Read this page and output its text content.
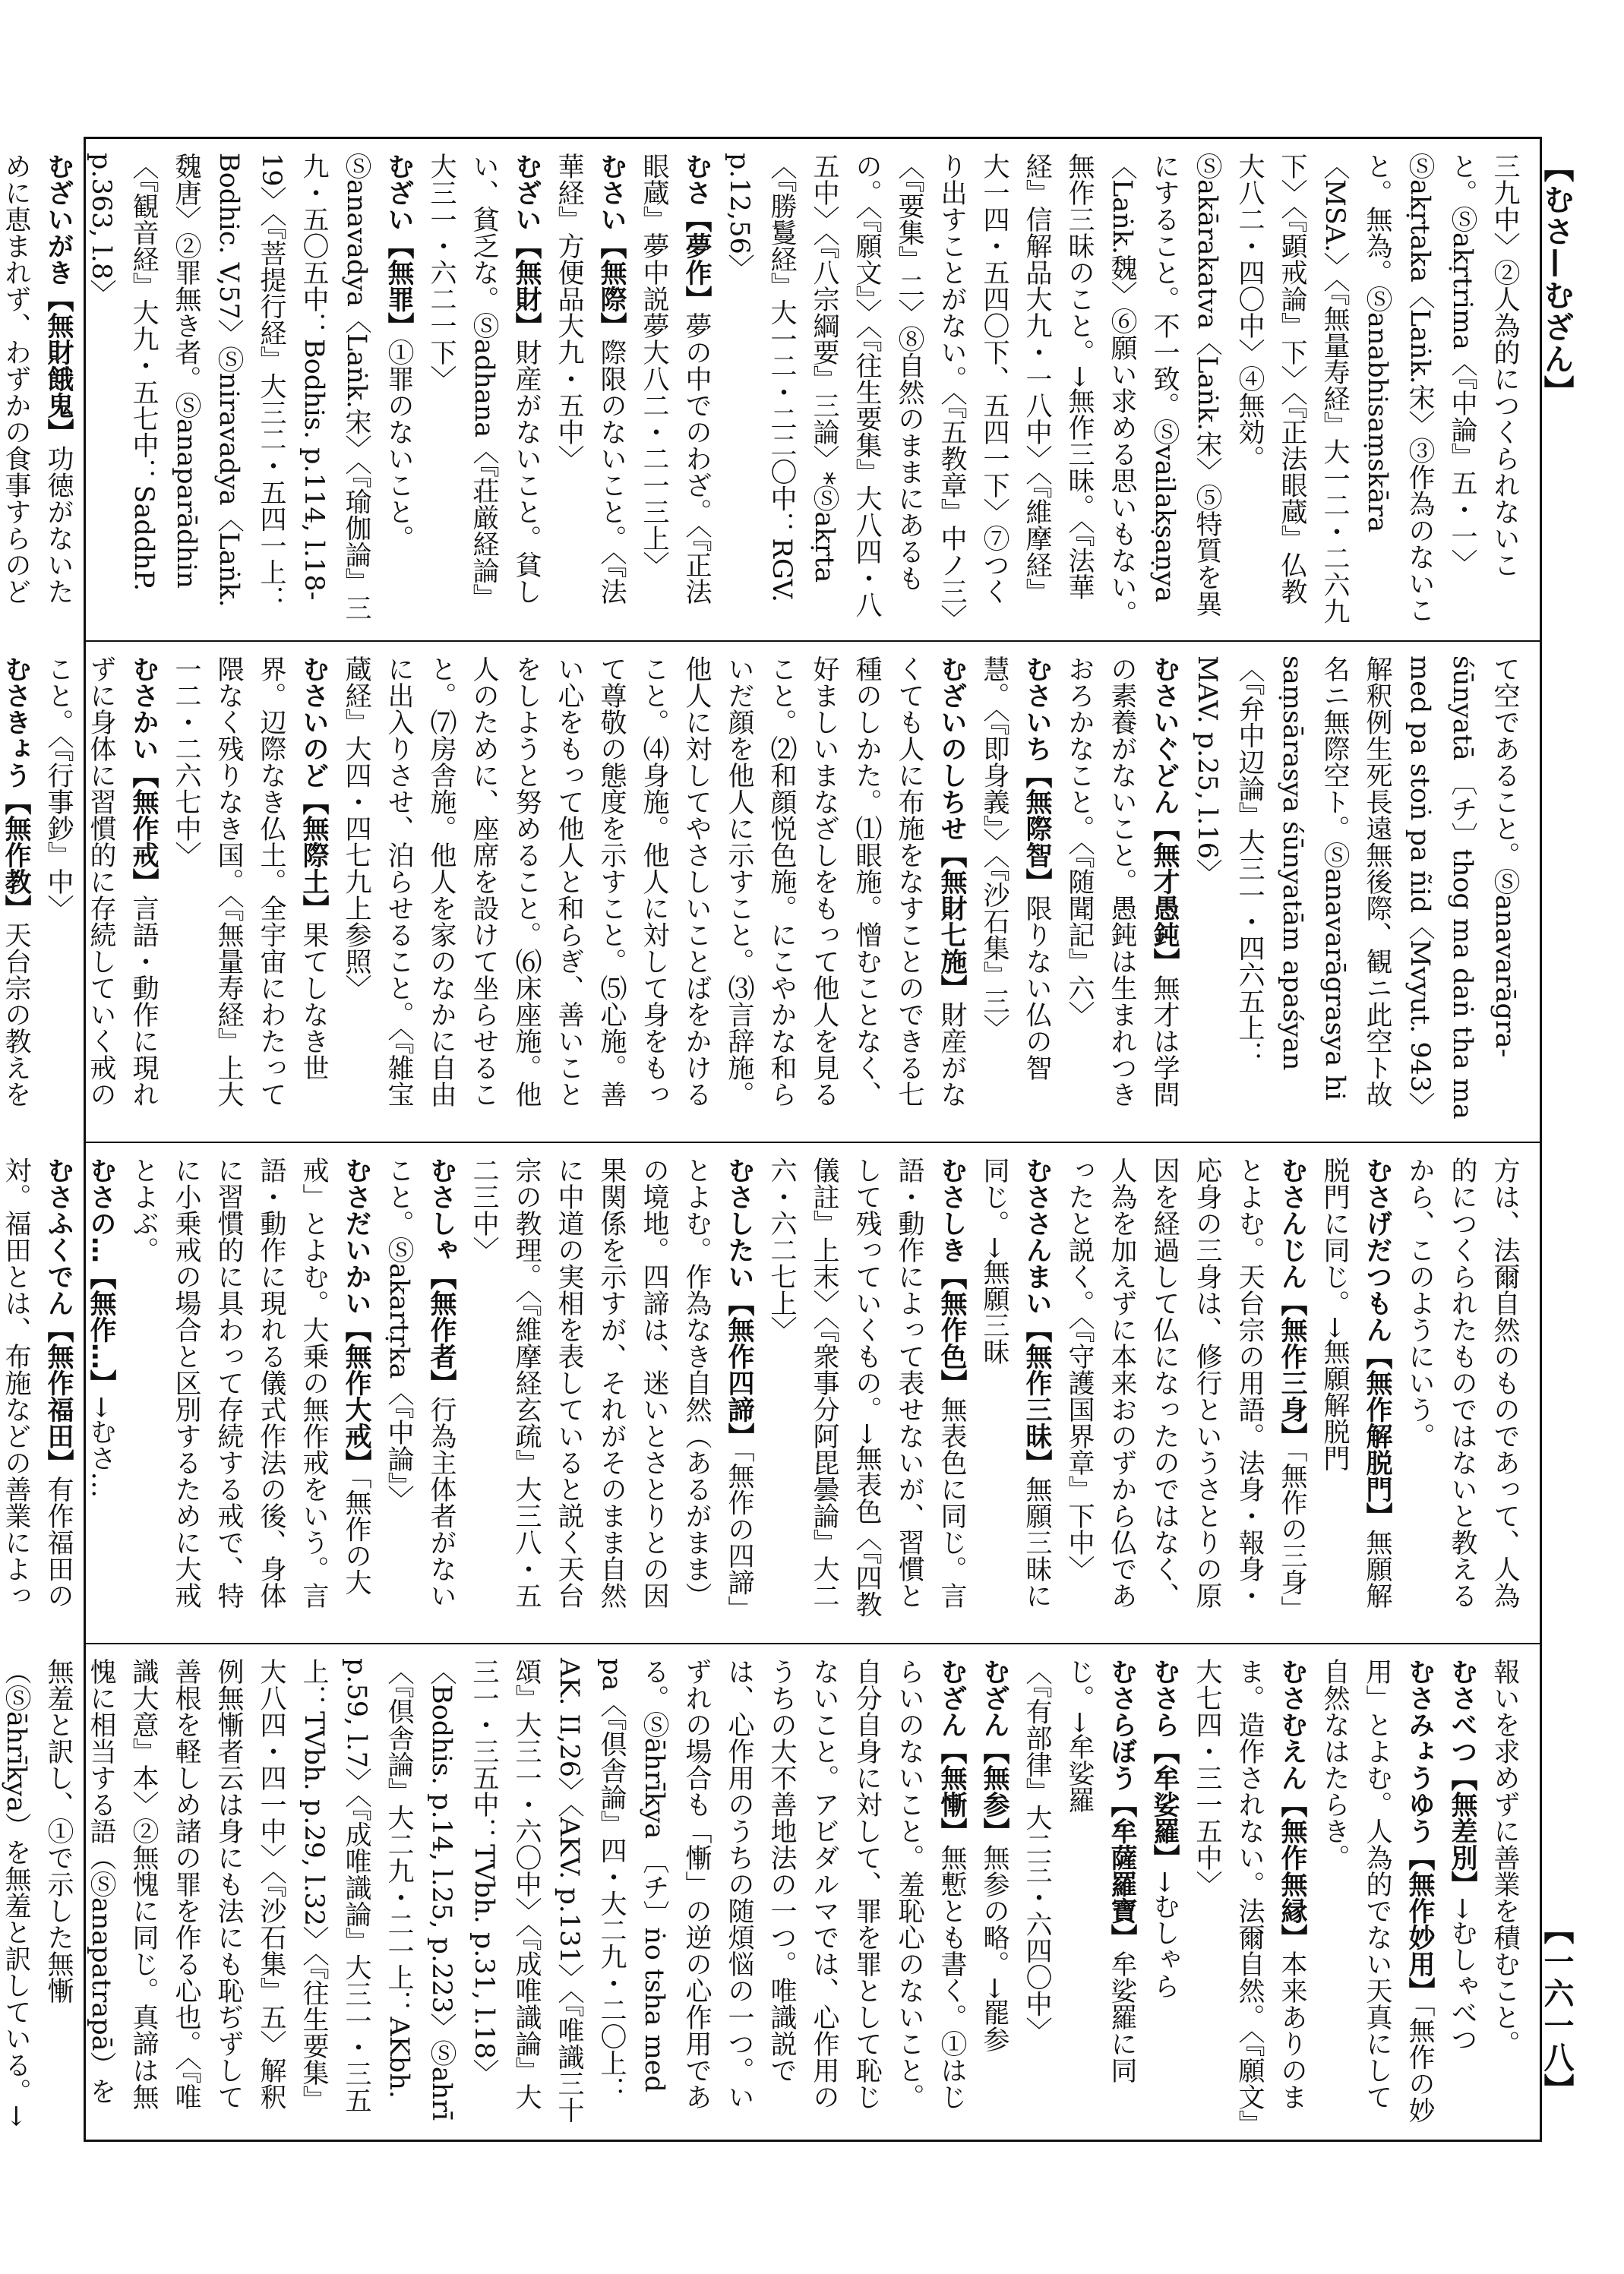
【むさ—むざん】
【一六一八】

三九中〉②人為的につくられないこと。Ⓢakṛtrima〈『中論』五・一〉Ⓢakṛtaka〈Laṅk.宋〉③作為のないこと。無為。Ⓢanabhisaṃskāra〈MSA.〉〈『無量寿経』大一二・二六九下〉〈『顕戒論』下〉〈『正法眼蔵』仏教大八二・四〇中〉④無効。Ⓢakārakatva〈Laṅk.宋〉⑤特質を異にすること。不一致。Ⓢvailakṣaṇya〈Laṅk.魏〉⑥願い求める思いもない。無作三昧のこと。→無作三昧。〈『法華経』信解品大九・一八中〉〈『維摩経』大一四・五四〇下、五四一下〉⑦つくり出すことがない。〈『五教章』中ノ三〉〈『要集』二〉⑧自然のままにあるもの。〈『願文』〉〈『往生要集』大八四・八五中〉〈『八宗綱要』三論〉*Ⓢakṛta〈『勝鬘経』大一二・二二〇中：RGV. p.12,56〉

むさ【夢作】夢の中でのわざ。〈『正法眼蔵』夢中説夢大八二・二一三上〉

むさい【無際】際限のないこと。〈『法華経』方便品大九・五中〉

むざい【無財】財産がないこと。貧しい、貧乏な。Ⓢadhana〈『荘厳経論』大三一・六二一下〉

むざい【無罪】①罪のないこと。Ⓢanavadya〈Laṅk.宋〉〈『瑜伽論』三九・五〇五中：Bodhis. p.114, l.18-19〉〈『菩提行経』大三二・五四一上：Bodhic. V,57〉Ⓢniravadya〈Laṅk.魏唐〉②罪無き者。Ⓢanaparādhin〈『観音経』大九・五七中：SaddhP. p.363, l.8〉

むざいがき【無財餓鬼】功徳がないために恵まれず、わずかの食事すらのど

て空であること。Ⓢanavarāgra-śūnyatā 〔チ〕thog ma daṅ tha ma med pa stoṅ pa ñid〈Mvyut. 943〉解釈例生死長遠無後際、観ニ此空ト故名ニ無際空ト。Ⓢanavarāgrasya hi saṃsārasya śūnyatām apaśyan〈『弁中辺論』大三一・四六五上：MAV. p.25, l.16〉

むさいぐどん【無才愚鈍】無才は学問の素養がないこと。愚鈍は生まれつきおろかなこと。〈『随聞記』六〉

むさいち【無際智】限りない仏の智慧。〈『即身義』〉〈『沙石集』三〉

むざいのしちせ【無財七施】財産がなくても人に布施をなすことのできる七種のしかた。⑴眼施。憎むことなく、好ましいまなざしをもって他人を見ること。⑵和顔悦色施。にこやかな和らいだ顔を他人に示すこと。⑶言辞施。他人に対してやさしいことばをかけること。⑷身施。他人に対して身をもって尊敬の態度を示すこと。⑸心施。善い心をもって他人と和らぎ、善いことをしようと努めること。⑹床座施。他人のために、座席を設けて坐らせること。⑺房舎施。他人を家のなかに自由に出入りさせ、泊らせること。〈『雑宝蔵経』大四・四七九上参照〉

むさいのど【無際土】果てしなき世界。辺際なき仏土。全宇宙にわたって隈なく残りなき国。〈『無量寿経』上大一二・二六七中〉

むさかい【無作戒】言語・動作に現れずに身体に習慣的に存続していく戒のこと。〈『行事鈔』中〉

むさきょう【無作教】天台宗の教えを

方は、法爾自然のものであって、人為的につくられたものではないと教えるから、このようにいう。

むさげだつもん【無作解脱門】無願解脱門に同じ。→無願解脱門

むさんじん【無作三身】「無作の三身」とよむ。天台宗の用語。法身・報身・応身の三身は、修行というさとりの原因を経過して仏になったのではなく、人為を加えずに本来おのずから仏であったと説く。〈『守護国界章』下中〉

むささんまい【無作三昧】無願三昧に同じ。→無願三昧

むさしき【無作色】無表色に同じ。言語・動作によって表せないが、習慣として残っていくもの。→無表色〈『四教儀註』上末〉〈『衆事分阿毘曇論』大二六・六二七上〉

むさしたい【無作四諦】「無作の四諦」とよむ。作為なき自然（あるがまま）の境地。四諦は、迷いとさとりとの因果関係を示すが、それがそのまま自然に中道の実相を表していると説く天台宗の教理。〈『維摩経玄疏』大三八・五二三中〉

むさしゃ【無作者】行為主体者がないこと。Ⓢakartṛka〈『中論』〉

むさだいかい【無作大戒】「無作の大戒」とよむ。大乗の無作戒をいう。言語・動作に現れる儀式作法の後、身体に習慣的に具わって存続する戒で、特に小乗戒の場合と区別するために大戒とよぶ。

むさの…【無作…】→むさ…

むさふくでん【無作福田】有作福田の対。福田とは、布施などの善業によっ

報いを求めずに善業を積むこと。

むさべつ【無差別】→むしゃべつ

むさみょうゆう【無作妙用】「無作の妙用」とよむ。人為的でない天真にして自然なはたらき。

むさむえん【無作無縁】本来ありのまま。造作されない。法爾自然。〈『願文』大七四・三一五中〉

むさら【牟娑羅】→むしゃら

むさらぼう【牟薩羅寶】牟娑羅に同じ。→牟娑羅

〈『有部律』大二三・六四〇中〉

むざん【無参】無参の略。→罷参

むざん【無慚】無慙とも書く。①はじらいのないこと。羞恥心のないこと。自分自身に対して、罪を罪として恥じないこと。アビダルマでは、心作用のうちの大不善地法の一つ。唯識説では、心作用のうちの随煩悩の一つ。いずれの場合も「慚」の逆の心作用である。Ⓢāhrīkya 〔チ〕ṅo tsha med pa〈『倶舎論』四・大二九・二〇上：AK. II,26〉〈AKV. p.131〉〈『唯識三十頌』大三一・六〇中〉〈『成唯識論』大三一・三五中：TVbh. p.31, l.18〉〈Bodhis. p.14, l.25, p.223〉Ⓢahrī〈『倶舎論』大二九・二一上：AKbh. p.59, l.7〉〈『成唯識論』大三一・三五上：TVbh. p.29, l.32〉〈『往生要集』大八四・四一中〉〈『沙石集』五〉解釈例無慚者云は身にも法にも恥ぢずして善根を軽しめ諸の罪を作る心也。〈『唯識大意』本〉②無愧に同じ。真諦は無愧に相当する語（Ⓢanapatrapā）を無羞と訳し、①で示した無慚（Ⓢāhrīkya）を無羞と訳している。→
